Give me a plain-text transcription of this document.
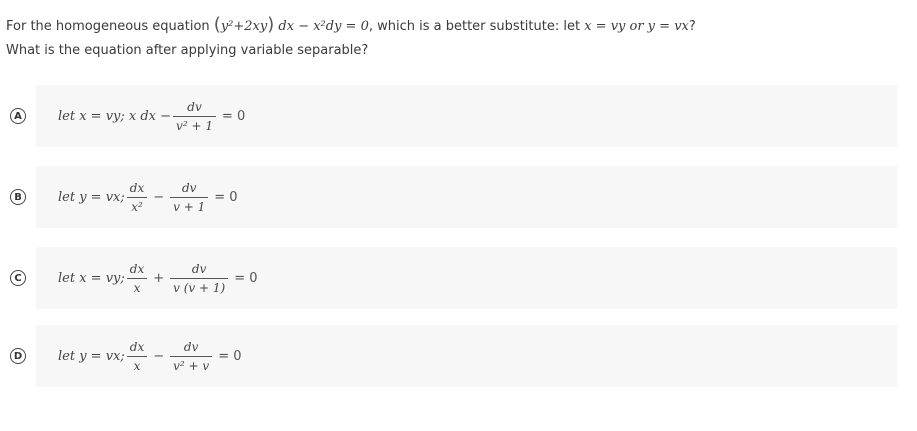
For the homogeneous equation (y²+2xy) dx − x²dy = 0, which is a better substitute: let x = vy or y = vx?
What is the equation after applying variable separable?
A	let x = vy; x dx − $\frac{dv}{\text{v² + 1}} = 0$
B	let y = vx; $\frac{dx}{\text{x²}} - \frac{dv}{v + 1} = 0$
C	let x = vy; $\frac{dx}{x} + \frac{dv}{v (v + 1)} = 0$
D	let y = vx; $\frac{dx}{x} - \frac{dv}{\text{v² + v}} = 0$
